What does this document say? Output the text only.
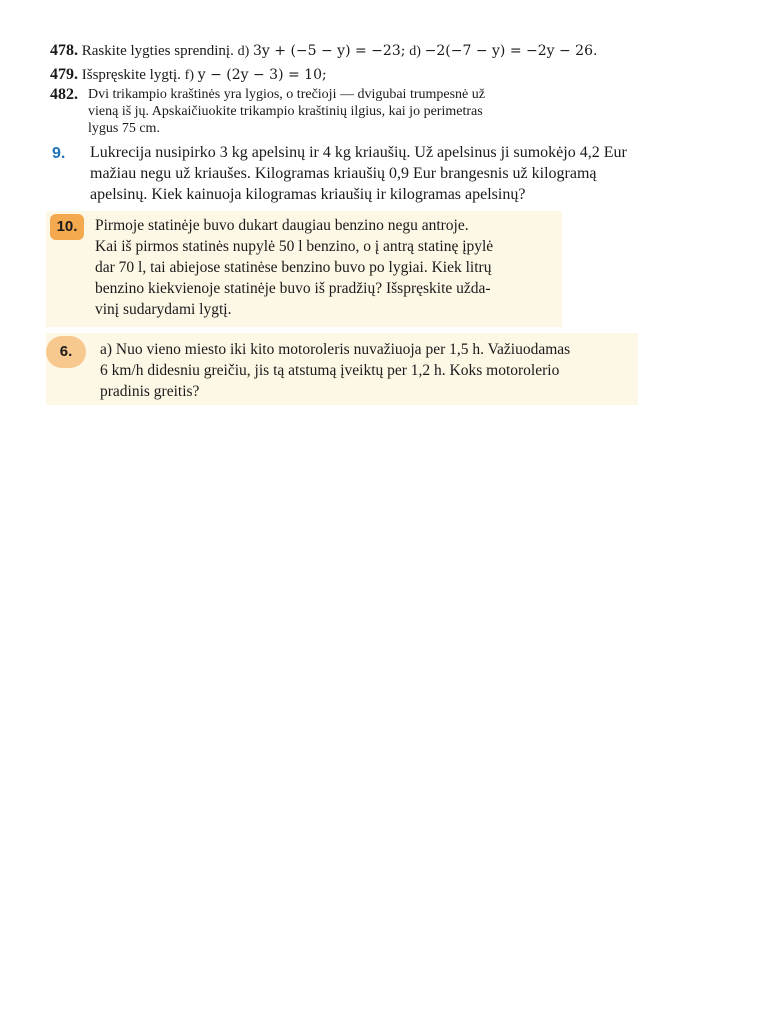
478. Raskite lygties sprendinį. d) 3y + (−5 − y) = −23; d) −2(−7 − y) = −2y − 26.
479. Išspręskite lygtį. f) y − (2y − 3) = 10;
482. Dvi trikampio kraštinės yra lygios, o trečioji — dvigubai trumpesnė už
vieną iš jų. Apskaičiuokite trikampio kraštinių ilgius, kai jo perimetras
lygus 75 cm.
9. Lukrecija nusipirko 3 kg apelsinų ir 4 kg kriaušių. Už apelsinus ji sumokėjo 4,2 Eur
mažiau negu už kriaušes. Kilogramas kriaušių 0,9 Eur brangesnis už kilogramą
apelsinų. Kiek kainuoja kilogramas kriaušių ir kilogramas apelsinų?
10.	Pirmoje statinėje buvo dukart daugiau benzino negu antroje.
Kai iš pirmos statinės nupylė 50 l benzino, o į antrą statinę įpylė
dar 70 l, tai abiejose statinėse benzino buvo po lygiai. Kiek litrų
benzino kiekvienoje statinėje buvo iš pradžių? Išspręskite užda-
vinį sudarydami lygtį.
6.	a) Nuo vieno miesto iki kito motoroleris nuvažiuoja per 1,5 h. Važiuodamas
6 km/h didesniu greičiu, jis tą atstumą įveiktų per 1,2 h. Koks motorolerio
pradinis greitis?
